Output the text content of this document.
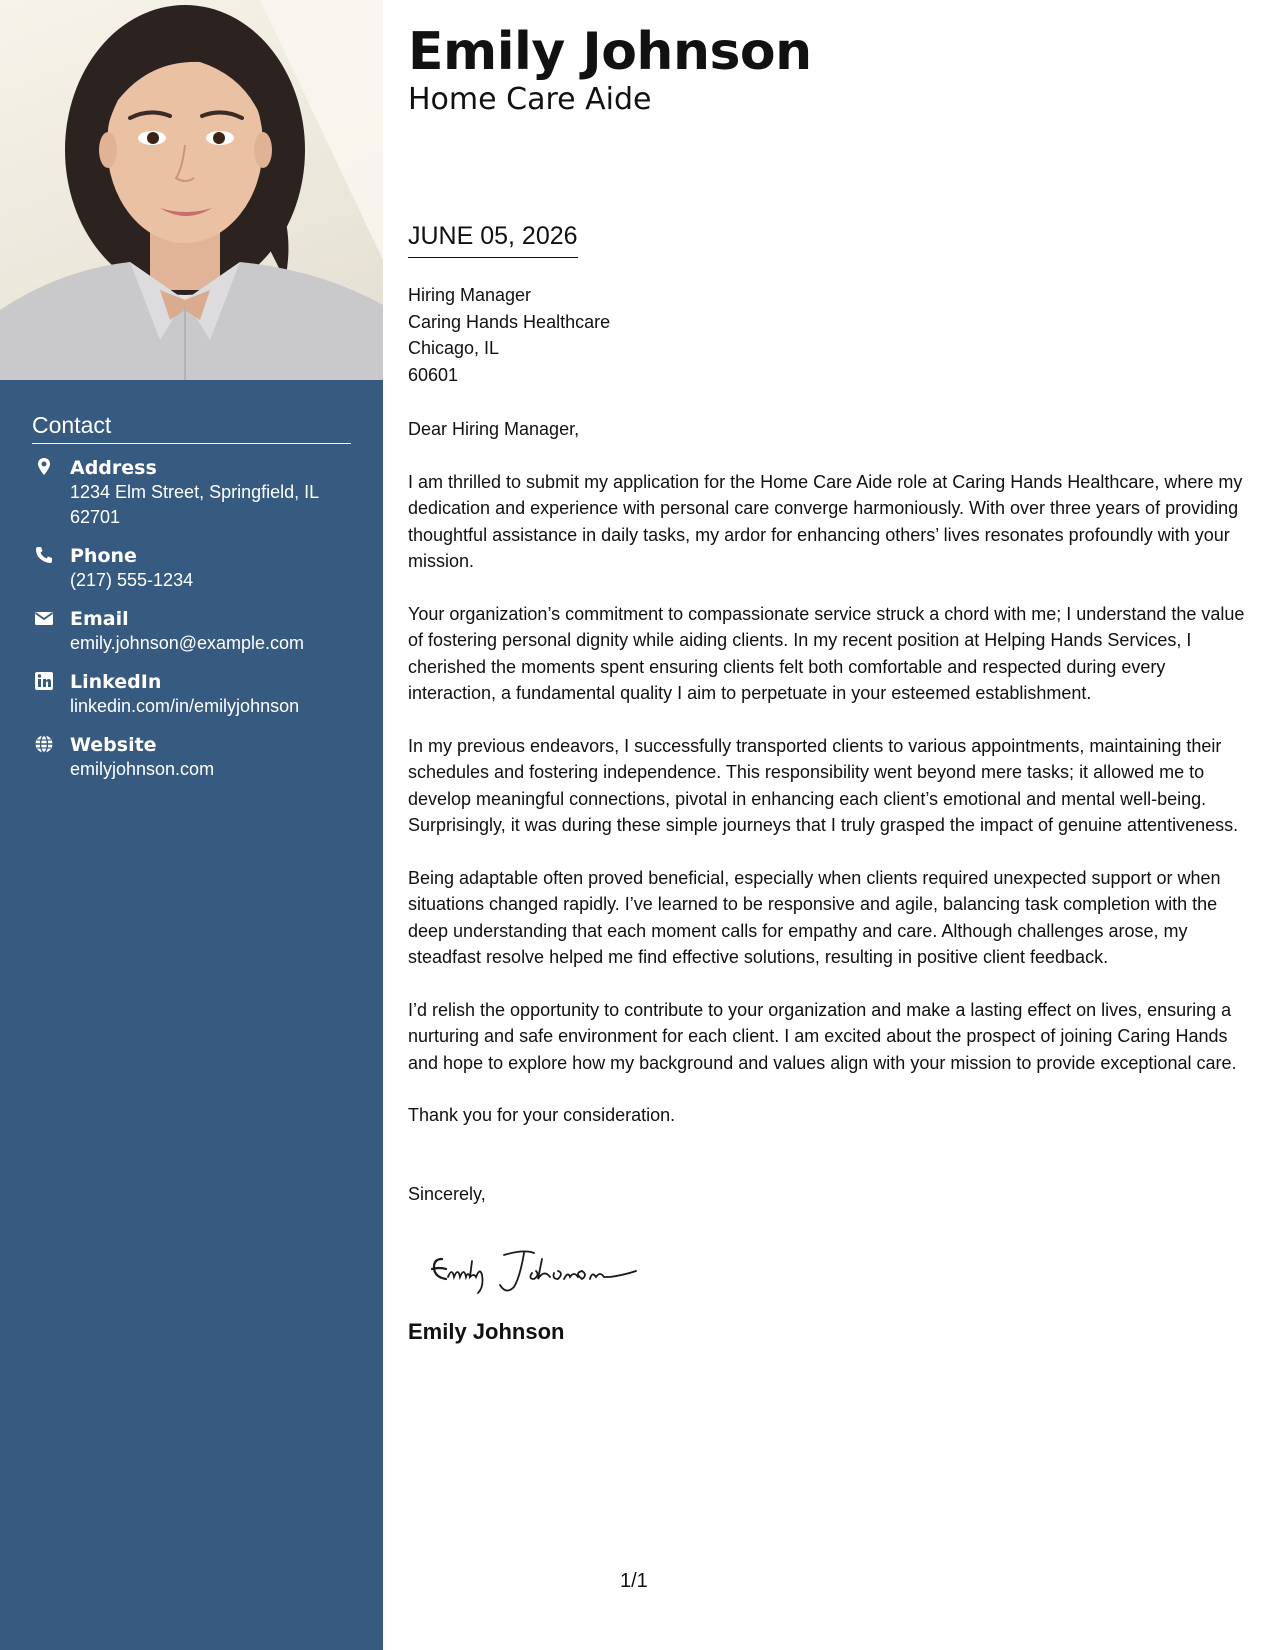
Contact
Address
1234 Elm Street, Springfield, IL 62701
Phone
(217) 555-1234
Email
emily.johnson@example.com
LinkedIn
linkedin.com/in/emilyjohnson
Website
emilyjohnson.com
Emily Johnson
Home Care Aide
JUNE 05, 2026
Hiring Manager
Caring Hands Healthcare
Chicago, IL
60601

Dear Hiring Manager,

I am thrilled to submit my application for the Home Care Aide role at Caring Hands Healthcare, where my dedication and experience with personal care converge harmoniously. With over three years of providing thoughtful assistance in daily tasks, my ardor for enhancing others’ lives resonates profoundly with your mission.

Your organization’s commitment to compassionate service struck a chord with me; I understand the value of fostering personal dignity while aiding clients. In my recent position at Helping Hands Services, I cherished the moments spent ensuring clients felt both comfortable and respected during every interaction, a fundamental quality I aim to perpetuate in your esteemed establishment.

In my previous endeavors, I successfully transported clients to various appointments, maintaining their schedules and fostering independence. This responsibility went beyond mere tasks; it allowed me to develop meaningful connections, pivotal in enhancing each client’s emotional and mental well-being. Surprisingly, it was during these simple journeys that I truly grasped the impact of genuine attentiveness.

Being adaptable often proved beneficial, especially when clients required unexpected support or when situations changed rapidly. I’ve learned to be responsive and agile, balancing task completion with the deep understanding that each moment calls for empathy and care. Although challenges arose, my steadfast resolve helped me find effective solutions, resulting in positive client feedback.

I’d relish the opportunity to contribute to your organization and make a lasting effect on lives, ensuring a nurturing and safe environment for each client. I am excited about the prospect of joining Caring Hands and hope to explore how my background and values align with your mission to provide exceptional care.

Thank you for your consideration.

Sincerely,

Emily Johnson
1/1
